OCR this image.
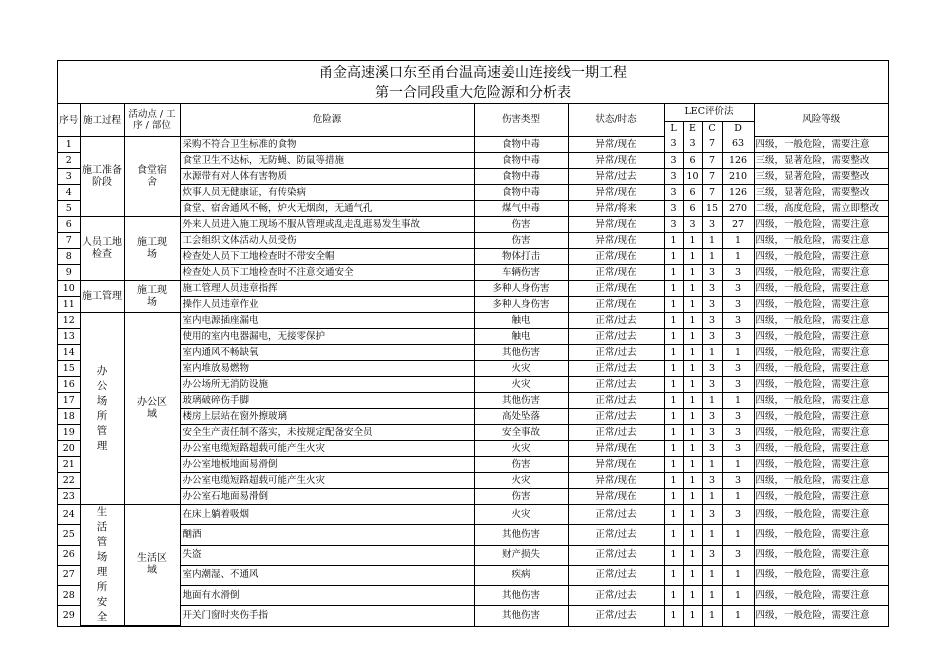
甬金高速溪口东至甬台温高速姜山连接线一期工程
第一合同段重大危险源和分析表
序号	施工过程	活动点 / 工序 / 部位	危险源	伤害类型	状态/时态	LEC评价法				风险等级
						L	E	C	D	
1	施工准备阶段	食堂宿舍	采购不符合卫生标准的食物	食物中毒	异常/现在	3	3	7	63	四级，一般危险，需要注意
2			食堂卫生不达标，无防蝇、防鼠等措施	食物中毒	异常/现在	3	6	7	126	三级，显著危险，需要整改
3			水源带有对人体有害物质	食物中毒	异常/过去	3	10	7	210	三级，显著危险，需要整改
4			炊事人员无健康证，有传染病	食物中毒	异常/现在	3	6	7	126	三级，显著危险，需要整改
5			食堂、宿舍通风不畅，炉火无烟囱，无通气孔	煤气中毒	异常/将来	3	6	15	270	二级，高度危险，需立即整改
6	人员工地检查	施工现场	外来人员进入施工现场不服从管理或乱走乱逛易发生事故	伤害	异常/现在	3	3	3	27	四级，一般危险，需要注意
7			工会组织文体活动人员受伤	伤害	异常/现在	1	1	1	1	四级，一般危险，需要注意
8			检查处人员下工地检查时不带安全帽	物体打击	正常/现在	1	1	1	1	四级，一般危险，需要注意
9			检查处人员下工地检查时不注意交通安全	车辆伤害	正常/现在	1	1	3	3	四级，一般危险，需要注意
10	施工管理	施工现场	施工管理人员违章指挥	多种人身伤害	正常/现在	1	1	3	3	四级，一般危险，需要注意
11			操作人员违章作业	多种人身伤害	正常/现在	1	1	3	3	四级，一般危险，需要注意
12	办公场所管理	办公区域	室内电源插座漏电	触电	正常/过去	1	1	3	3	四级，一般危险，需要注意
13			使用的室内电器漏电，无接零保护	触电	正常/过去	1	1	3	3	四级，一般危险，需要注意
14			室内通风不畅缺氧	其他伤害	正常/过去	1	1	1	1	四级，一般危险，需要注意
15			室内堆放易燃物	火灾	正常/过去	1	1	3	3	四级，一般危险，需要注意
16			办公场所无消防设施	火灾	正常/过去	1	1	3	3	四级，一般危险，需要注意
17			玻璃破碎伤手脚	其他伤害	正常/过去	1	1	1	1	四级，一般危险，需要注意
18			楼房上层站在窗外擦玻璃	高处坠落	正常/过去	1	1	3	3	四级，一般危险，需要注意
19			安全生产责任制不落实，未按规定配备安全员	安全事故	正常/过去	1	1	3	3	四级，一般危险，需要注意
20			办公室电缆短路超载可能产生火灾	火灾	异常/现在	1	1	3	3	四级，一般危险，需要注意
21			办公室地板地面易滑倒	伤害	异常/现在	1	1	1	1	四级，一般危险，需要注意
22			办公室电缆短路超载可能产生火灾	火灾	异常/现在	1	1	3	3	四级，一般危险，需要注意
23			办公室石地面易滑倒	伤害	异常/现在	1	1	1	1	四级，一般危险，需要注意
24	生活管场理所安全	生活区域	在床上躺着吸烟	火灾	正常/过去	1	1	3	3	四级，一般危险，需要注意
25			酗酒	其他伤害	正常/过去	1	1	1	1	四级，一般危险，需要注意
26			失盗	财产损失	正常/过去	1	1	3	3	四级，一般危险，需要注意
27			室内潮湿、不通风	疾病	正常/过去	1	1	1	1	四级，一般危险，需要注意
28			地面有水滑倒	其他伤害	正常/过去	1	1	1	1	四级，一般危险，需要注意
29			开关门窗时夹伤手指	其他伤害	正常/过去	1	1	1	1	四级，一般危险，需要注意
